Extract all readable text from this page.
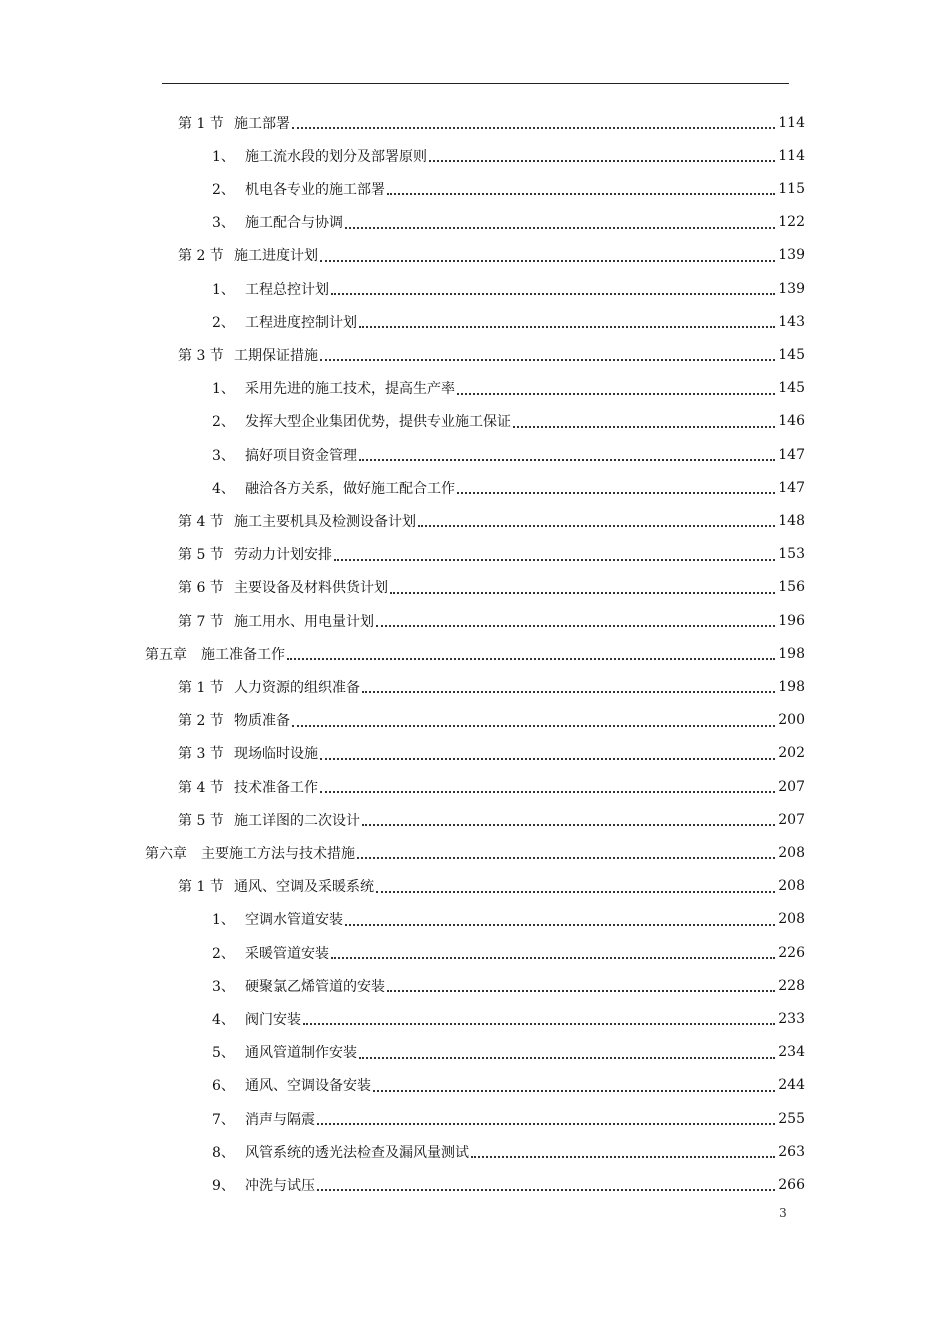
第 1 节 施工部署	114
1、 施工流水段的划分及部署原则	114
2、 机电各专业的施工部署	115
3、 施工配合与协调	122
第 2 节 施工进度计划	139
1、 工程总控计划	139
2、 工程进度控制计划	143
第 3 节 工期保证措施	145
1、 采用先进的施工技术，提高生产率	145
2、 发挥大型企业集团优势，提供专业施工保证	146
3、 搞好项目资金管理	147
4、 融洽各方关系，做好施工配合工作	147
第 4 节 施工主要机具及检测设备计划	148
第 5 节 劳动力计划安排	153
第 6 节 主要设备及材料供货计划	156
第 7 节 施工用水、用电量计划	196
第五章	施工准备工作	198
第 1 节 人力资源的组织准备	198
第 2 节 物质准备	200
第 3 节 现场临时设施	202
第 4 节 技术准备工作	207
第 5 节 施工详图的二次设计	207
第六章	主要施工方法与技术措施	208
第 1 节 通风、空调及采暖系统	208
1、 空调水管道安装	208
2、 采暖管道安装	226
3、 硬聚氯乙烯管道的安装	228
4、 阀门安装	233
5、 通风管道制作安装	234
6、 通风、空调设备安装	244
7、 消声与隔震	255
8、 风管系统的透光法检查及漏风量测试	263
9、 冲洗与试压	266
3
